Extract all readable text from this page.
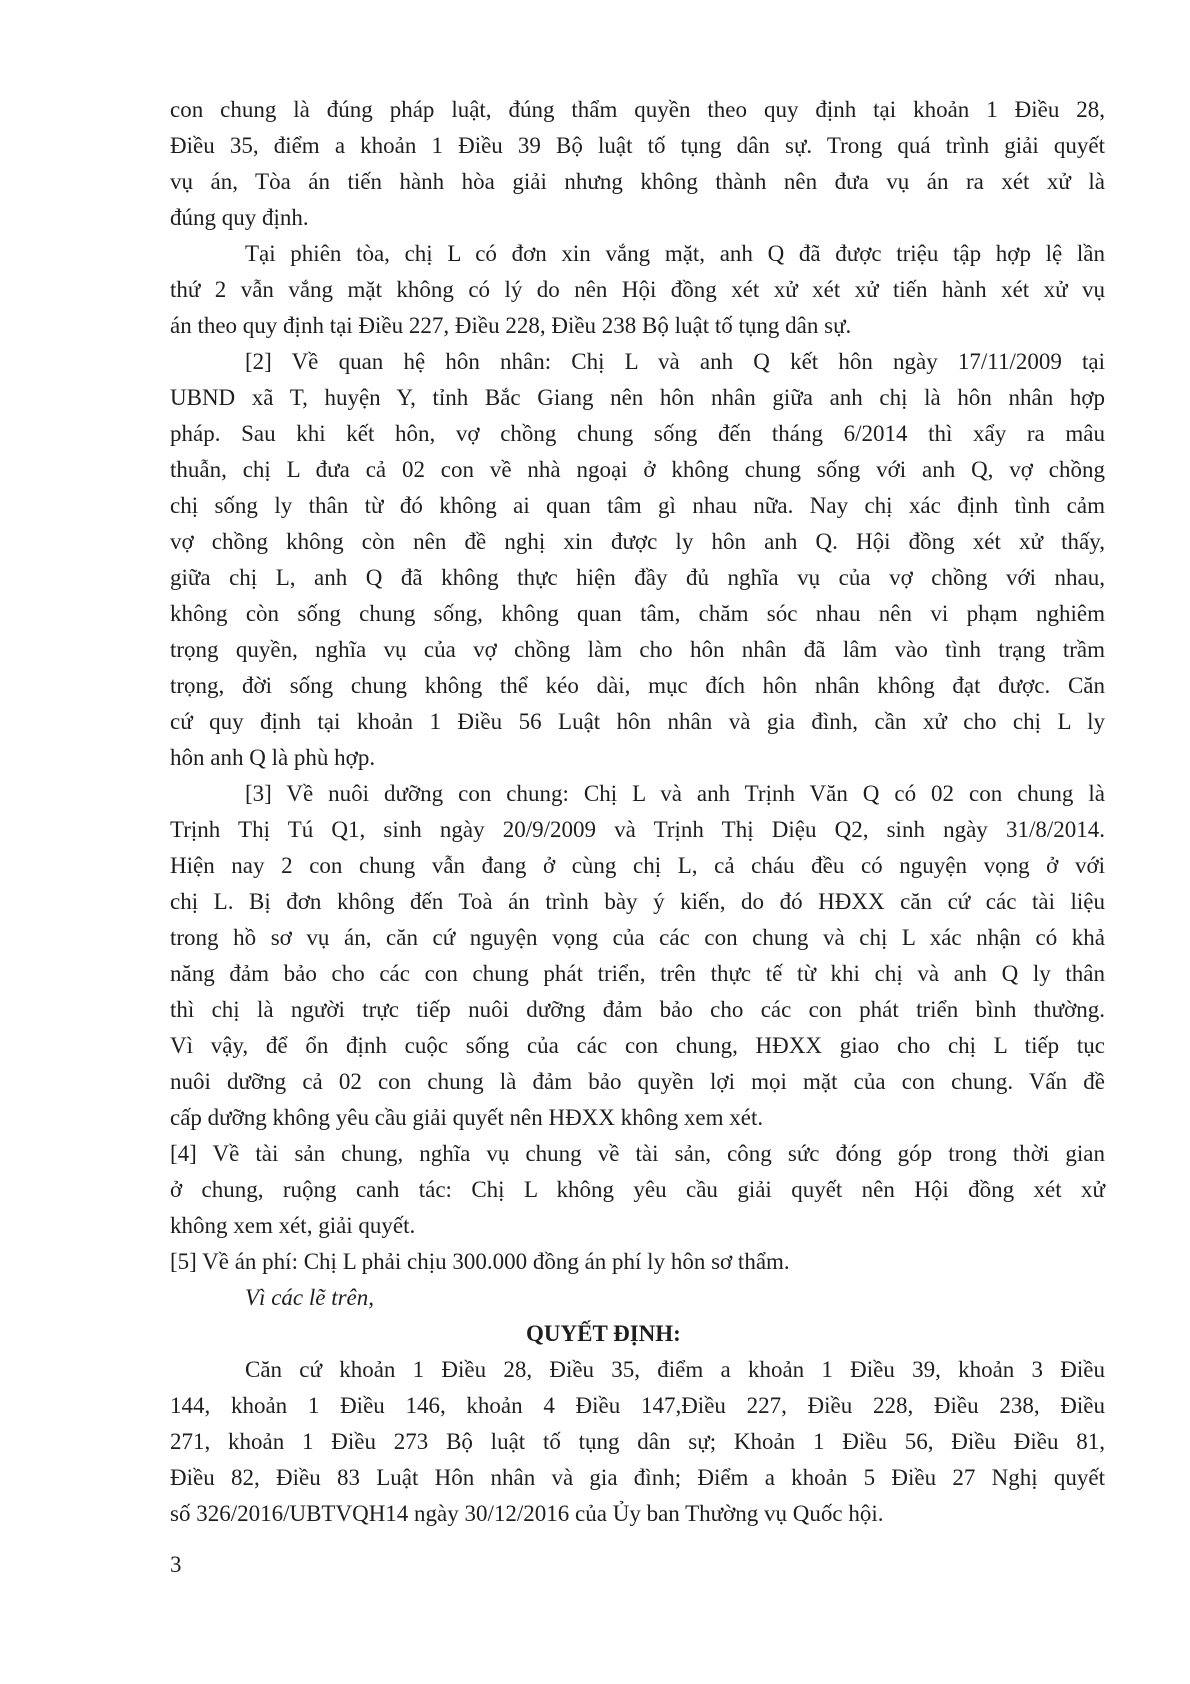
con chung là đúng pháp luật, đúng thẩm quyền theo quy định tại khoản 1 Điều 28,
Điều 35, điểm a khoản 1 Điều 39 Bộ luật tố tụng dân sự. Trong quá trình giải quyết
vụ án, Tòa án tiến hành hòa giải nhưng không thành nên đưa vụ án ra xét xử là
đúng quy định.
Tại phiên tòa, chị L có đơn xin vắng mặt, anh Q đã được triệu tập hợp lệ lần
thứ 2 vẫn vắng mặt không có lý do nên Hội đồng xét xử xét xử tiến hành xét xử vụ
án theo quy định tại Điều 227, Điều 228, Điều 238 Bộ luật tố tụng dân sự.
[2] Về quan hệ hôn nhân: Chị L và anh Q kết hôn ngày 17/11/2009 tại
UBND xã T, huyện Y, tỉnh Bắc Giang nên hôn nhân giữa anh chị là hôn nhân hợp
pháp. Sau khi kết hôn, vợ chồng chung sống đến tháng 6/2014 thì xẩy ra mâu
thuẫn, chị L đưa cả 02 con về nhà ngoại ở không chung sống với anh Q, vợ chồng
chị sống ly thân từ đó không ai quan tâm gì nhau nữa. Nay chị xác định tình cảm
vợ chồng không còn nên đề nghị xin được ly hôn anh Q. Hội đồng xét xử thấy,
giữa chị L, anh Q đã không thực hiện đầy đủ nghĩa vụ của vợ chồng với nhau,
không còn sống chung sống, không quan tâm, chăm sóc nhau nên vi phạm nghiêm
trọng quyền, nghĩa vụ của vợ chồng làm cho hôn nhân đã lâm vào tình trạng trầm
trọng, đời sống chung không thể kéo dài, mục đích hôn nhân không đạt được. Căn
cứ quy định tại khoản 1 Điều 56 Luật hôn nhân và gia đình, cần xử cho chị L ly
hôn anh Q là phù hợp.
[3] Về nuôi dưỡng con chung: Chị L và anh Trịnh Văn Q có 02 con chung là
Trịnh Thị Tú Q1, sinh ngày 20/9/2009 và Trịnh Thị Diệu Q2, sinh ngày 31/8/2014.
Hiện nay 2 con chung vẫn đang ở cùng chị L, cả cháu đều có nguyện vọng ở với
chị L. Bị đơn không đến Toà án trình bày ý kiến, do đó HĐXX căn cứ các tài liệu
trong hồ sơ vụ án, căn cứ nguyện vọng của các con chung và chị L xác nhận có khả
năng đảm bảo cho các con chung phát triển, trên thực tế từ khi chị và anh Q ly thân
thì chị là người trực tiếp nuôi dưỡng đảm bảo cho các con phát triển bình thường.
Vì vậy, để ổn định cuộc sống của các con chung, HĐXX giao cho chị L tiếp tục
nuôi dưỡng cả 02 con chung là đảm bảo quyền lợi mọi mặt của con chung. Vấn đề
cấp dưỡng không yêu cầu giải quyết nên HĐXX không xem xét.
[4] Về tài sản chung, nghĩa vụ chung về tài sản, công sức đóng góp trong thời gian
ở chung, ruộng canh tác: Chị L không yêu cầu giải quyết nên Hội đồng xét xử
không xem xét, giải quyết.
[5] Về án phí: Chị L phải chịu 300.000 đồng án phí ly hôn sơ thẩm.
Vì các lẽ trên,
QUYẾT ĐỊNH:
Căn cứ khoản 1 Điều 28, Điều 35, điểm a khoản 1 Điều 39, khoản 3 Điều
144, khoản 1 Điều 146, khoản 4 Điều 147,Điều 227, Điều 228, Điều 238, Điều
271, khoản 1 Điều 273 Bộ luật tố tụng dân sự; Khoản 1 Điều 56, Điều Điều 81,
Điều 82, Điều 83 Luật Hôn nhân và gia đình; Điểm a khoản 5 Điều 27 Nghị quyết
số 326/2016/UBTVQH14 ngày 30/12/2016 của Ủy ban Thường vụ Quốc hội.
3
